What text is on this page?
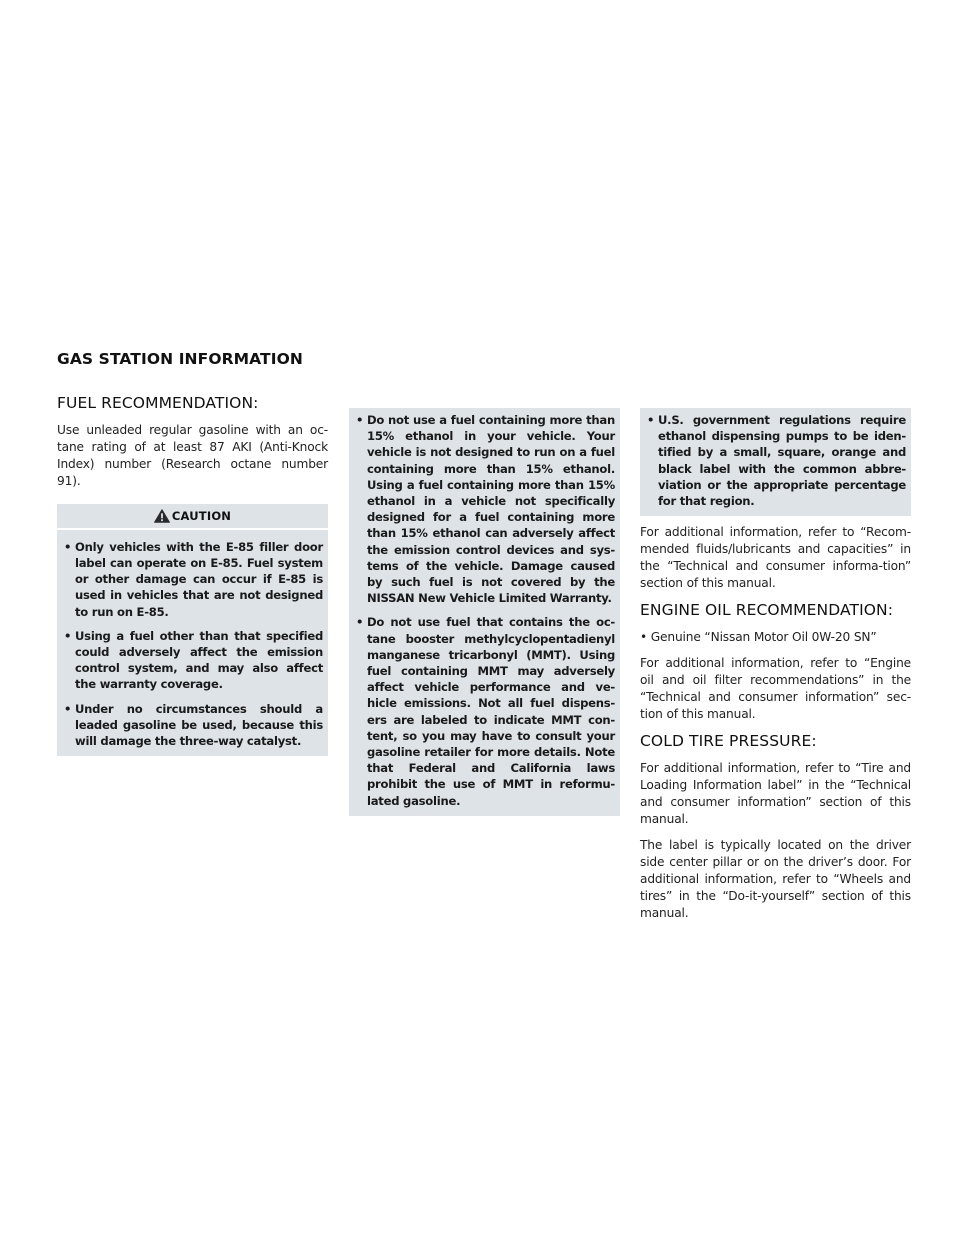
GAS STATION INFORMATION
FUEL RECOMMENDATION:

Use unleaded regular gasoline with an oc-tane rating of at least 87 AKI (Anti-Knock Index) number (Research octane number 91).

CAUTION
• Only vehicles with the E-85 filler door label can operate on E-85. Fuel system or other damage can occur if E-85 is used in vehicles that are not designed to run on E-85.
• Using a fuel other than that specified could adversely affect the emission control system, and may also affect the warranty coverage.
• Under no circumstances should a leaded gasoline be used, because this will damage the three-way catalyst.
• Do not use a fuel containing more than 15% ethanol in your vehicle. Your vehicle is not designed to run on a fuel containing more than 15% ethanol. Using a fuel containing more than 15% ethanol in a vehicle not specifically designed for a fuel containing more than 15% ethanol can adversely affect the emission control devices and sys-tems of the vehicle. Damage caused by such fuel is not covered by the NISSAN New Vehicle Limited Warranty.
• Do not use fuel that contains the oc-tane booster methylcyclopentadienyl manganese tricarbonyl (MMT). Using fuel containing MMT may adversely affect vehicle performance and ve-hicle emissions. Not all fuel dispens-ers are labeled to indicate MMT con-tent, so you may have to consult your gasoline retailer for more details. Note that Federal and California laws prohibit the use of MMT in reformu-lated gasoline.
• U.S. government regulations require ethanol dispensing pumps to be iden-tified by a small, square, orange and black label with the common abbre-viation or the appropriate percentage for that region.

For additional information, refer to “Recom-mended fluids/lubricants and capacities” in the “Technical and consumer informa-tion” section of this manual.

ENGINE OIL RECOMMENDATION:

• Genuine “Nissan Motor Oil 0W-20 SN”

For additional information, refer to “Engine oil and oil filter recommendations” in the “Technical and consumer information” sec-tion of this manual.

COLD TIRE PRESSURE:

For additional information, refer to “Tire and Loading Information label” in the “Technical and consumer information” section of this manual.

The label is typically located on the driver side center pillar or on the driver’s door. For additional information, refer to “Wheels and tires” in the “Do-it-yourself” section of this manual.
